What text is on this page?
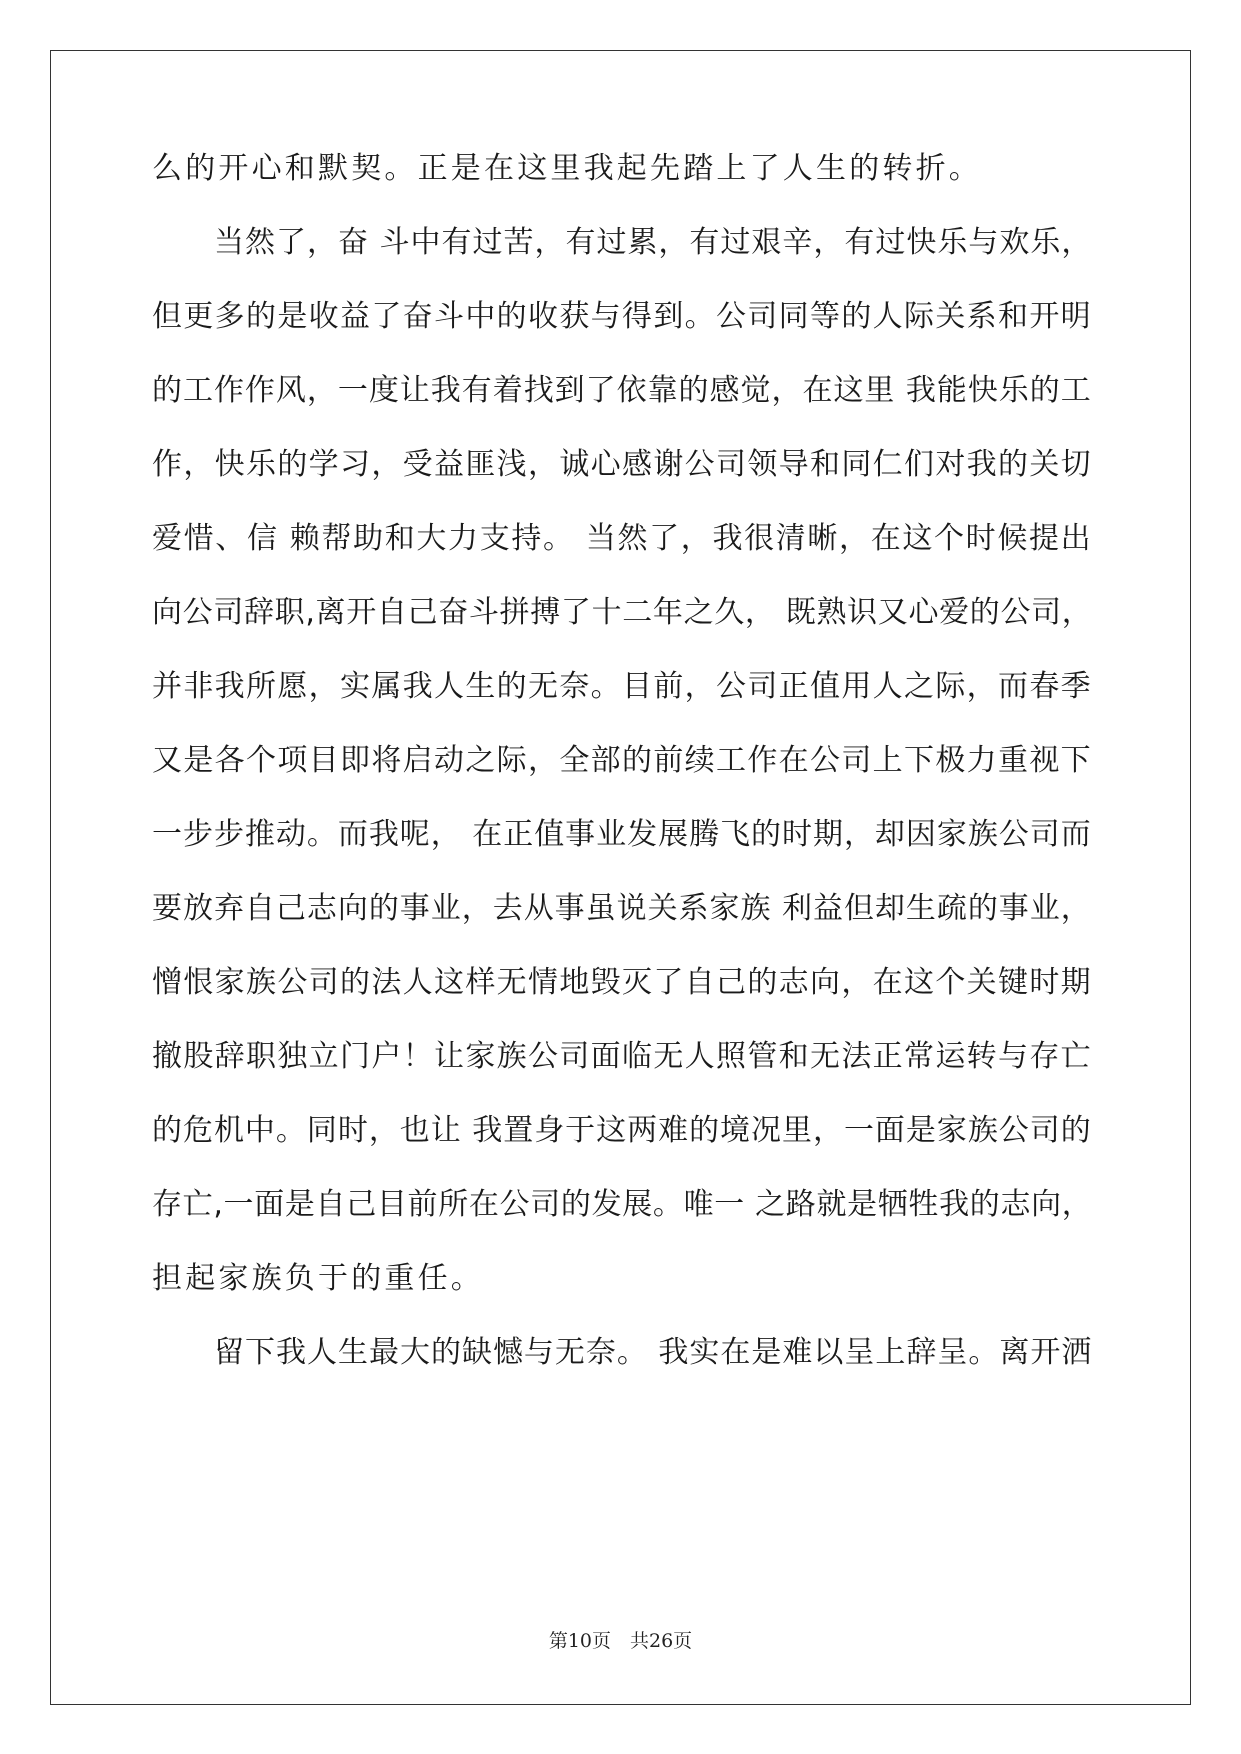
么的开心和默契。正是在这里我起先踏上了人生的转折。
当然了，奋 斗中有过苦，有过累，有过艰辛，有过快乐与欢乐，
但更多的是收益了奋斗中的收获与得到。公司同等的人际关系和开明
的工作作风，一度让我有着找到了依靠的感觉，在这里 我能快乐的工
作，快乐的学习，受益匪浅，诚心感谢公司领导和同仁们对我的关切
爱惜、信 赖帮助和大力支持。 当然了，我很清晰，在这个时候提出
向公司辞职,离开自己奋斗拼搏了十二年之久， 既熟识又心爱的公司，
并非我所愿，实属我人生的无奈。目前，公司正值用人之际，而春季
又是各个项目即将启动之际，全部的前续工作在公司上下极力重视下
一步步推动。而我呢， 在正值事业发展腾飞的时期，却因家族公司而
要放弃自己志向的事业，去从事虽说关系家族 利益但却生疏的事业，
憎恨家族公司的法人这样无情地毁灭了自己的志向，在这个关键时期
撤股辞职独立门户！让家族公司面临无人照管和无法正常运转与存亡
的危机中。同时，也让 我置身于这两难的境况里，一面是家族公司的
存亡,一面是自己目前所在公司的发展。唯一 之路就是牺牲我的志向，
担起家族负于的重任。
留下我人生最大的缺憾与无奈。 我实在是难以呈上辞呈。离开洒
第10页　共26页
